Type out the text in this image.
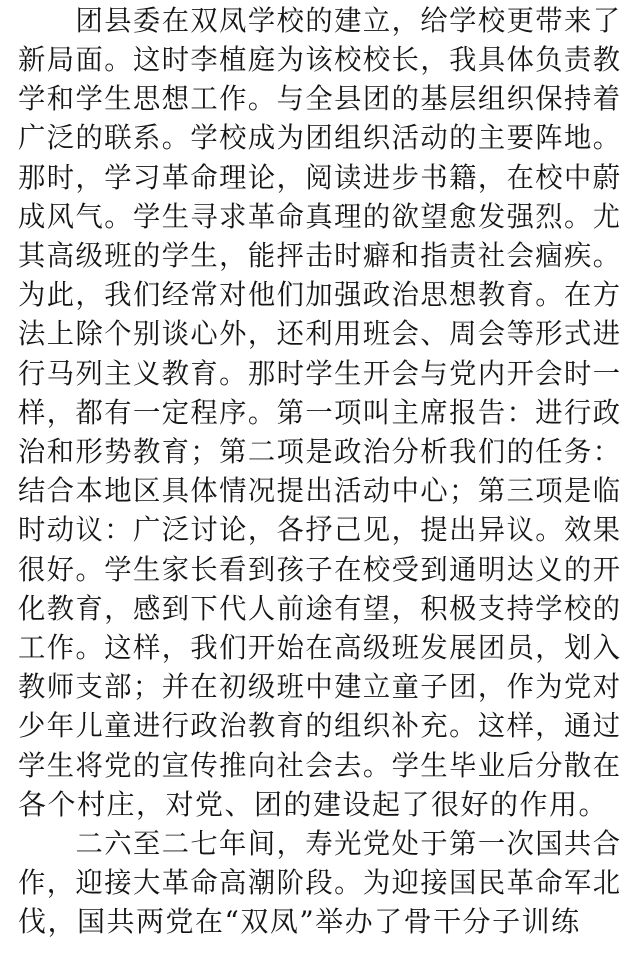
　　团县委在双凤学校的建立，给学校更带来了
新局面。这时李植庭为该校校长，我具体负责教
学和学生思想工作。与全县团的基层组织保持着
广泛的联系。学校成为团组织活动的主要阵地。
那时，学习革命理论，阅读进步书籍，在校中蔚
成风气。学生寻求革命真理的欲望愈发强烈。尤
其高级班的学生，能抨击时癖和指责社会痼疾。
为此，我们经常对他们加强政治思想教育。在方
法上除个别谈心外，还利用班会、周会等形式进
行马列主义教育。那时学生开会与党内开会时一
样，都有一定程序。第一项叫主席报告：进行政
治和形势教育；第二项是政治分析我们的任务：
结合本地区具体情况提出活动中心；第三项是临
时动议：广泛讨论，各抒己见，提出异议。效果
很好。学生家长看到孩子在校受到通明达义的开
化教育，感到下代人前途有望，积极支持学校的
工作。这样，我们开始在高级班发展团员，划入
教师支部；并在初级班中建立童子团，作为党对
少年儿童进行政治教育的组织补充。这样，通过
学生将党的宣传推向社会去。学生毕业后分散在
各个村庄，对党、团的建设起了很好的作用。
　　二六至二七年间，寿光党处于第一次国共合
作，迎接大革命高潮阶段。为迎接国民革命军北
伐，国共两党在“双凤”举办了骨干分子训练
